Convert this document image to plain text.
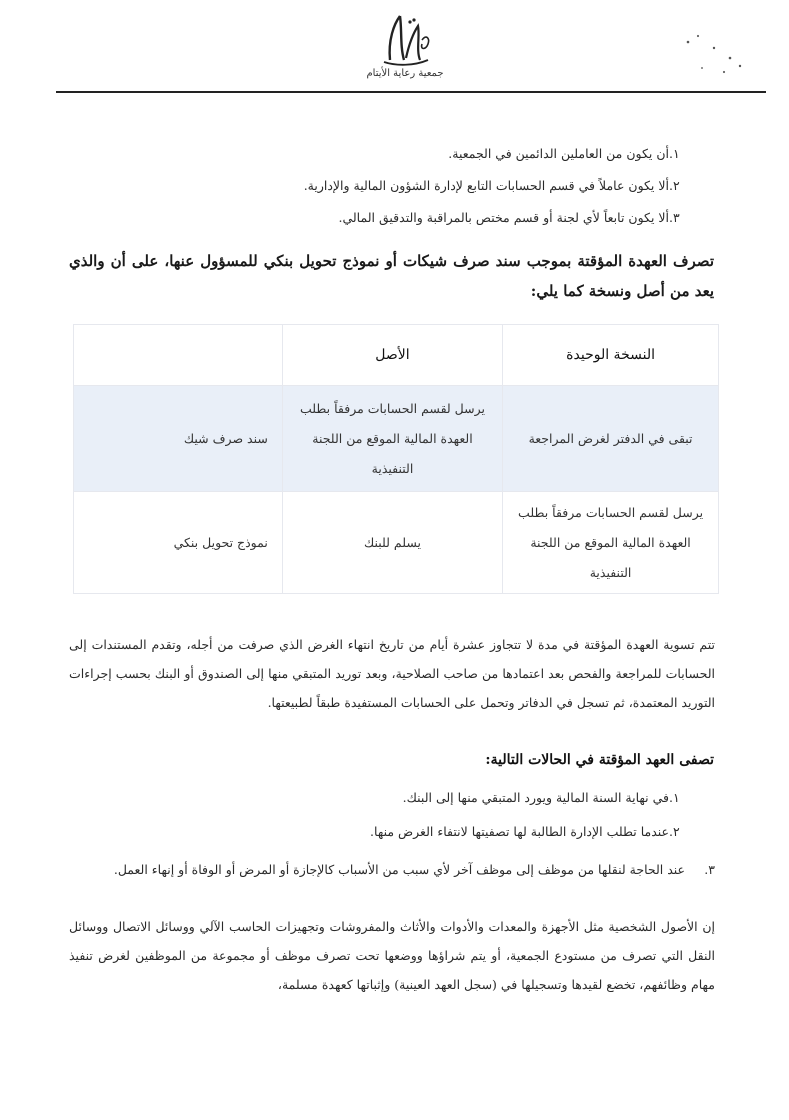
جمعية رعاية الأيتام
١.أن يكون من العاملين الدائمين في الجمعية.
٢.ألا يكون عاملاً في قسم الحسابات التابع لإدارة الشؤون المالية والإدارية.
٣.ألا يكون تابعاً لأي لجنة أو قسم مختص بالمراقبة والتدقيق المالي.
تصرف العهدة المؤقتة بموجب سند صرف شيكات أو نموذج تحويل بنكي للمسؤول عنها، على أن والذي يعد من أصل ونسخة كما يلي:
النسخة الوحيدة	الأصل	
تبقى في الدفتر لغرض المراجعة	يرسل لقسم الحسابات مرفقاً بطلب العهدة المالية الموقع من اللجنة التنفيذية	سند صرف شيك
يرسل لقسم الحسابات مرفقاً بطلب العهدة المالية الموقع من اللجنة التنفيذية	يسلم للبنك	نموذج تحويل بنكي
تتم تسوية العهدة المؤقتة في مدة لا تتجاوز عشرة أيام من تاريخ انتهاء الغرض الذي صرفت من أجله، وتقدم المستندات إلى الحسابات للمراجعة والفحص بعد اعتمادها من صاحب الصلاحية، وبعد توريد المتبقي منها إلى الصندوق أو البنك بحسب إجراءات التوريد المعتمدة، ثم تسجل في الدفاتر وتحمل على الحسابات المستفيدة طبقاً لطبيعتها.
تصفى العهد المؤقتة في الحالات التالية:
١.في نهاية السنة المالية ويورد المتبقي منها إلى البنك.
٢.عندما تطلب الإدارة الطالبة لها تصفيتها لانتفاء الغرض منها.
٣.عند الحاجة لنقلها من موظف إلى موظف آخر لأي سبب من الأسباب كالإجازة أو المرض أو الوفاة أو إنهاء العمل.
إن الأصول الشخصية مثل الأجهزة والمعدات والأدوات والأثاث والمفروشات وتجهيزات الحاسب الآلي ووسائل الاتصال ووسائل النقل التي تصرف من مستودع الجمعية، أو يتم شراؤها ووضعها تحت تصرف موظف أو مجموعة من الموظفين لغرض تنفيذ مهام وظائفهم، تخضع لقيدها وتسجيلها في (سجل العهد العينية) وإثباتها كعهدة مسلمة،
